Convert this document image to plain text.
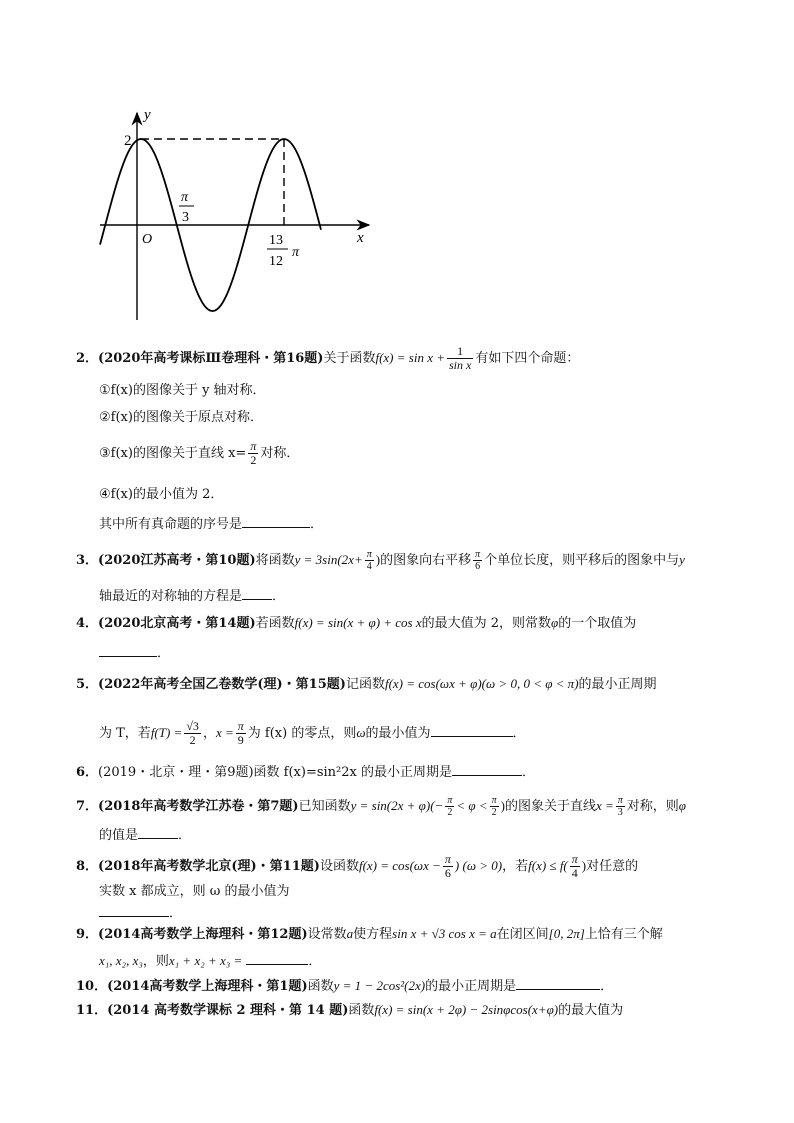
y
x
O
2
π
3
13
12
π
2．(2020年高考课标Ⅲ卷理科・第16题)关于函数$f(x) = \sin x + \frac{1}{\text{sin x}}$ 有如下四个命题：
①f(x)的图像关于 y 轴对称．
②f(x)的图像关于原点对称．
③f(x)的图像关于直线 $x= \frac{\pi}{2}$ 对称．
④f(x)的最小值为 2．
其中所有真命题的序号是	．
3．(2020江苏高考・第10题)将函数$y = 3\sin(2x+ \frac{\pi}{4}$ )的图象向右平移 $\frac{\pi}{6}$ 个单位长度，则平移后的图象中与y
轴最近的对称轴的方程是 ．
4．(2020北京高考・第14题)若函数f(x) = sin(x + φ) + cos x的最大值为 2，则常数φ的一个取值为
．
5．(2022年高考全国乙卷数学(理)・第15题)记函数f(x) = cos(ωx + φ)(ω > 0, 0 < φ < π)的最小正周期
为 T，若$f(T) = \frac{√3}{2}$ ，$x = \frac{\pi}{9}$ 为 f(x) 的零点，则ω的最小值为	．
6．(2019・北京・理・第9题)函数 f(x)=sin²2x 的最小正周期是	．
7．(2018年高考数学江苏卷・第7题)已知函数$y = \sin(2x + \varphi)(- \frac{\pi}{2} < \varphi < \frac{\pi}{2}$ )的图象关于直线$x = \frac{\pi}{3}$ 对称，则φ
的值是	．
8．(2018年高考数学北京(理)・第11题)设函数$f(x) = \cos(\omega x - \frac{\pi}{6}$ ) (ω > 0)，若$f(x) \le f( \frac{\pi}{4}$ )对任意的
实数 x 都成立，则 ω 的最小值为
．
9．(2014高考数学上海理科・第12题)设常数a使方程sin x + √3 cos x = a在闭区间[0, 2π]上恰有三个解
x₁, x₂, x₃，则x₁ + x₂ + x₃ =	．
10．(2014高考数学上海理科・第1题)函数y = 1 − 2cos²(2x)的最小正周期是	．
11．(2014 高考数学课标 2 理科・第 14 题)函数f(x) = sin(x + 2φ) − 2sinφcos(x+φ)的最大值为
